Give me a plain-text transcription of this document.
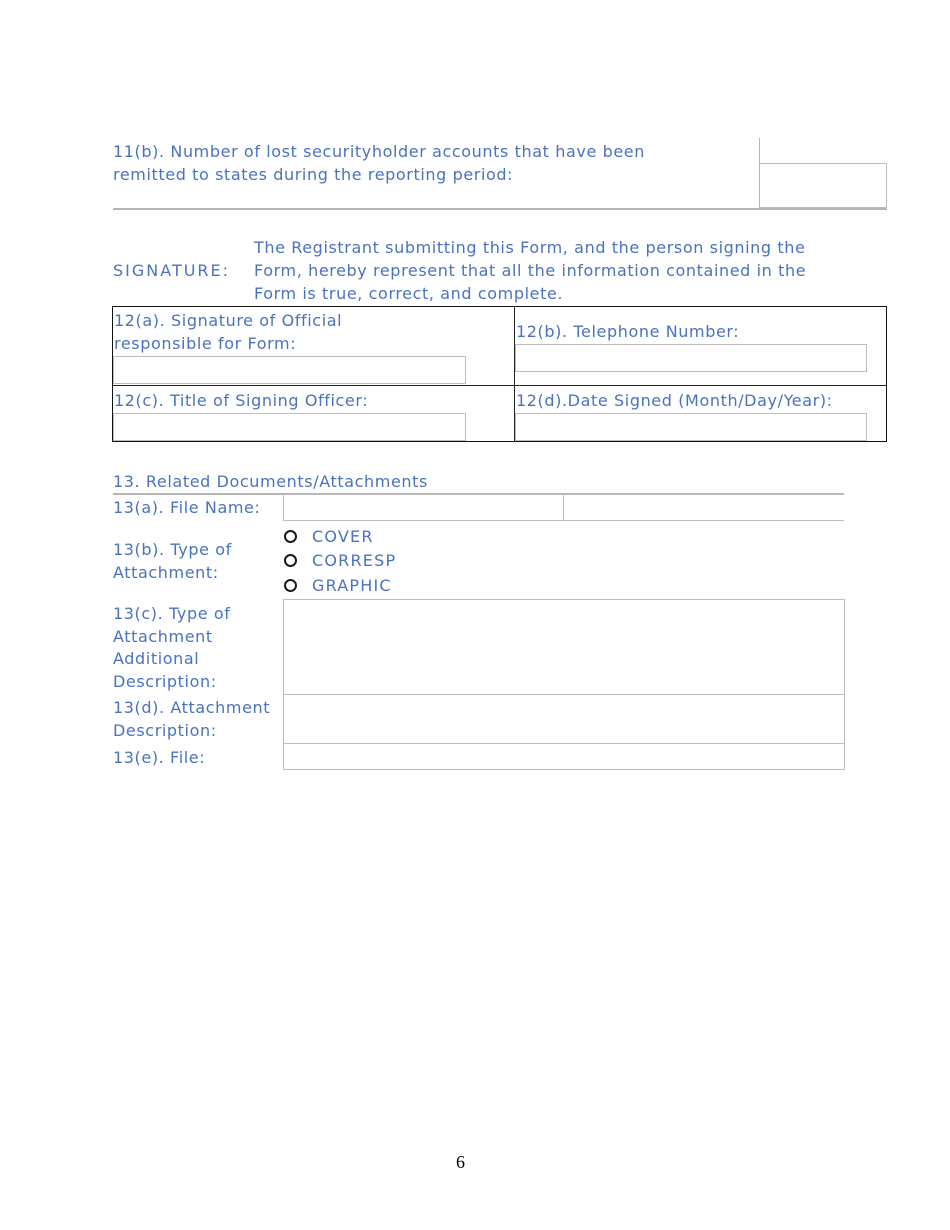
11(b). Number of lost securityholder accounts that have been
remitted to states during the reporting period:
SIGNATURE:
The Registrant submitting this Form, and the person signing the
Form, hereby represent that all the information contained in the
Form is true, correct, and complete.
12(a). Signature of Official
responsible for Form:
12(b). Telephone Number:
12(c). Title of Signing Officer:	12(d).Date Signed (Month/Day/Year):
13. Related Documents/Attachments
13(a). File Name:
13(b). Type of
Attachment:
COVER
CORRESP
GRAPHIC
13(c). Type of
Attachment
Additional
Description:
13(d). Attachment
Description:
13(e). File:
6
